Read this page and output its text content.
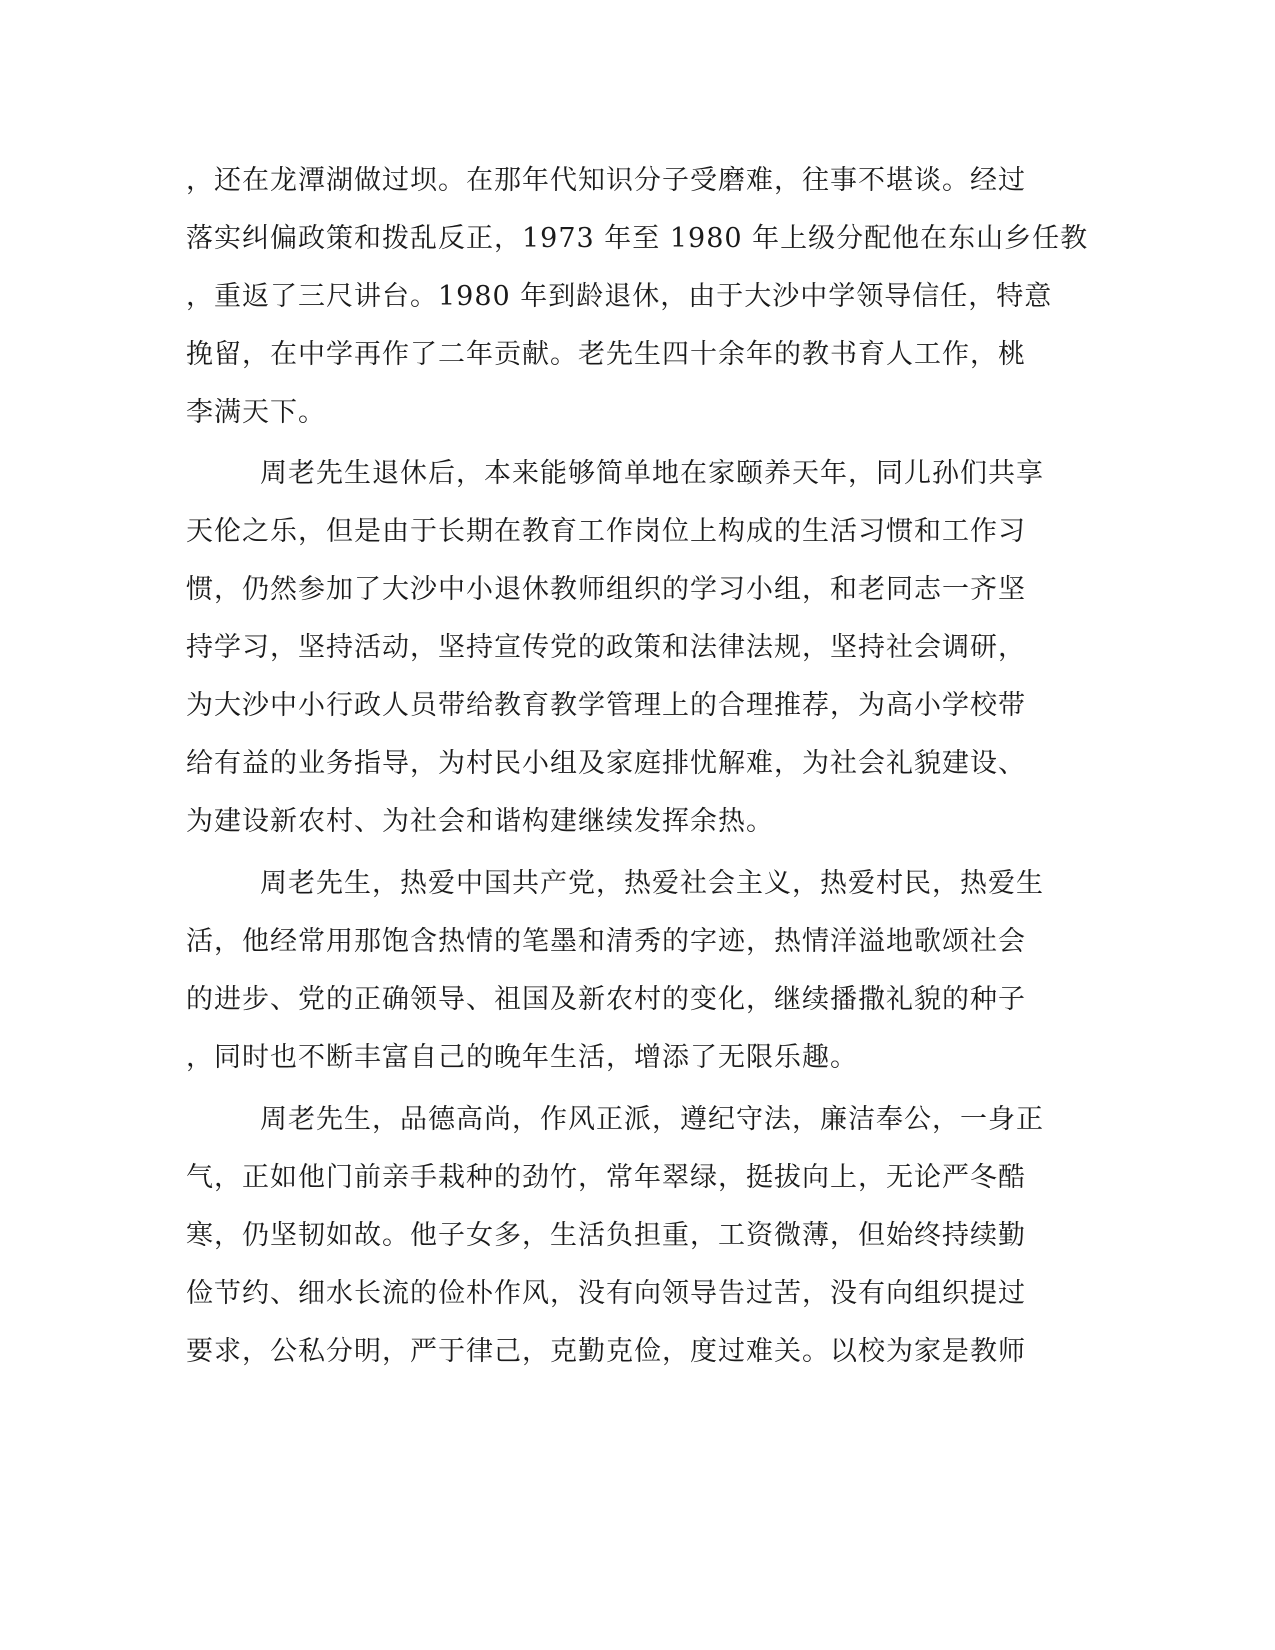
，还在龙潭湖做过坝。在那年代知识分子受磨难，往事不堪谈。经过
落实纠偏政策和拨乱反正，1973 年至 1980 年上级分配他在东山乡任教
，重返了三尺讲台。1980 年到龄退休，由于大沙中学领导信任，特意
挽留，在中学再作了二年贡献。老先生四十余年的教书育人工作，桃
李满天下。
周老先生退休后，本来能够简单地在家颐养天年，同儿孙们共享
天伦之乐，但是由于长期在教育工作岗位上构成的生活习惯和工作习
惯，仍然参加了大沙中小退休教师组织的学习小组，和老同志一齐坚
持学习，坚持活动，坚持宣传党的政策和法律法规，坚持社会调研，
为大沙中小行政人员带给教育教学管理上的合理推荐，为高小学校带
给有益的业务指导，为村民小组及家庭排忧解难，为社会礼貌建设、
为建设新农村、为社会和谐构建继续发挥余热。
周老先生，热爱中国共产党，热爱社会主义，热爱村民，热爱生
活，他经常用那饱含热情的笔墨和清秀的字迹，热情洋溢地歌颂社会
的进步、党的正确领导、祖国及新农村的变化，继续播撒礼貌的种子
，同时也不断丰富自己的晚年生活，增添了无限乐趣。
周老先生，品德高尚，作风正派，遵纪守法，廉洁奉公，一身正
气，正如他门前亲手栽种的劲竹，常年翠绿，挺拔向上，无论严冬酷
寒，仍坚韧如故。他子女多，生活负担重，工资微薄，但始终持续勤
俭节约、细水长流的俭朴作风，没有向领导告过苦，没有向组织提过
要求，公私分明，严于律己，克勤克俭，度过难关。以校为家是教师
